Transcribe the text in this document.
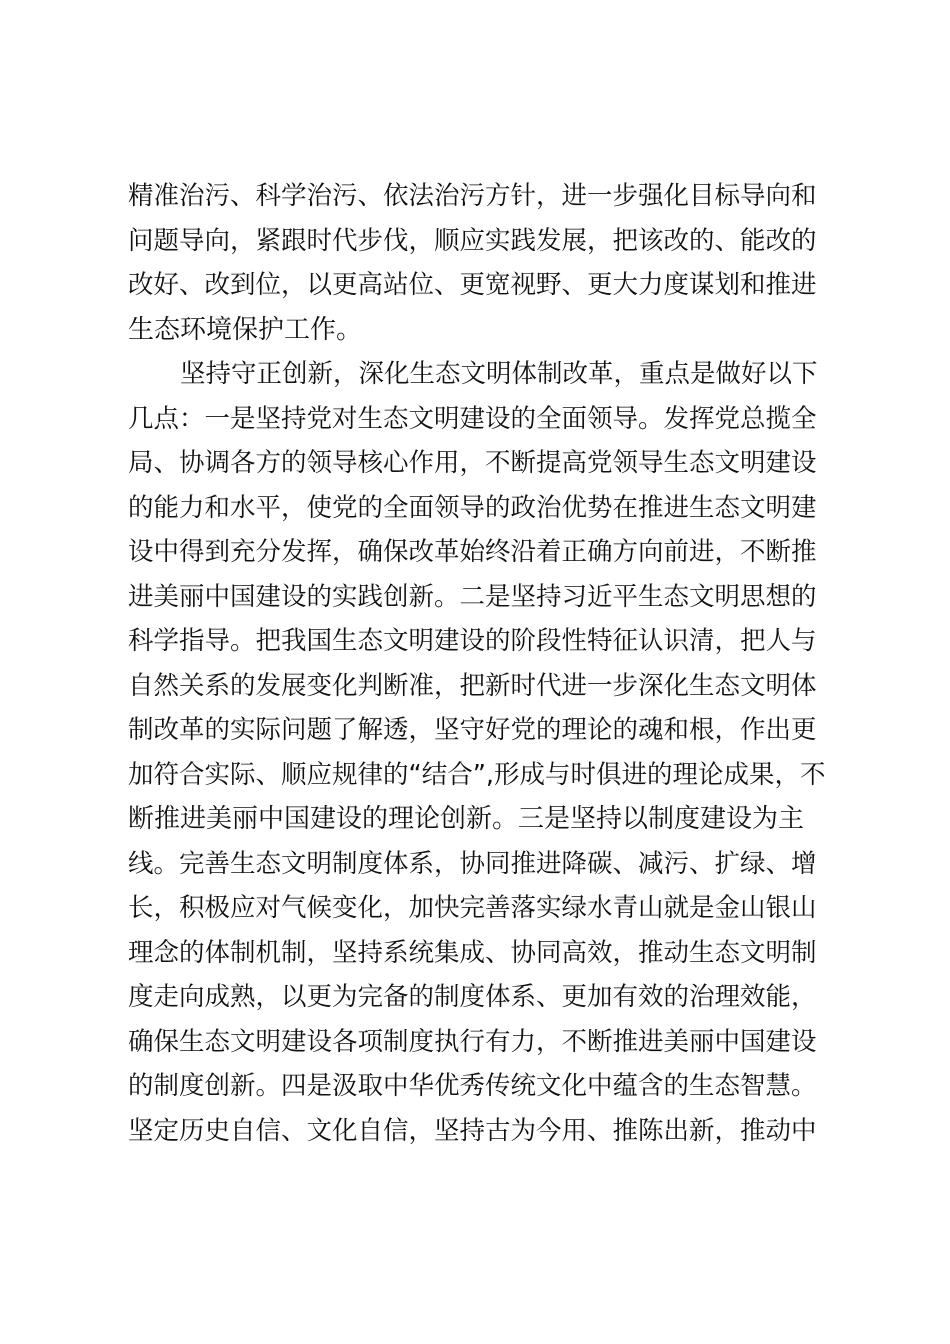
精准治污、科学治污、依法治污方针，进一步强化目标导向和
问题导向，紧跟时代步伐，顺应实践发展，把该改的、能改的
改好、改到位，以更高站位、更宽视野、更大力度谋划和推进
生态环境保护工作。
坚持守正创新，深化生态文明体制改革，重点是做好以下
几点：一是坚持党对生态文明建设的全面领导。发挥党总揽全
局、协调各方的领导核心作用，不断提高党领导生态文明建设
的能力和水平，使党的全面领导的政治优势在推进生态文明建
设中得到充分发挥，确保改革始终沿着正确方向前进，不断推
进美丽中国建设的实践创新。二是坚持习近平生态文明思想的
科学指导。把我国生态文明建设的阶段性特征认识清，把人与
自然关系的发展变化判断准，把新时代进一步深化生态文明体
制改革的实际问题了解透，坚守好党的理论的魂和根，作出更
加符合实际、顺应规律的“结合”,形成与时俱进的理论成果，不
断推进美丽中国建设的理论创新。三是坚持以制度建设为主
线。完善生态文明制度体系，协同推进降碳、减污、扩绿、增
长，积极应对气候变化，加快完善落实绿水青山就是金山银山
理念的体制机制，坚持系统集成、协同高效，推动生态文明制
度走向成熟，以更为完备的制度体系、更加有效的治理效能，
确保生态文明建设各项制度执行有力，不断推进美丽中国建设
的制度创新。四是汲取中华优秀传统文化中蕴含的生态智慧。
坚定历史自信、文化自信，坚持古为今用、推陈出新，推动中
